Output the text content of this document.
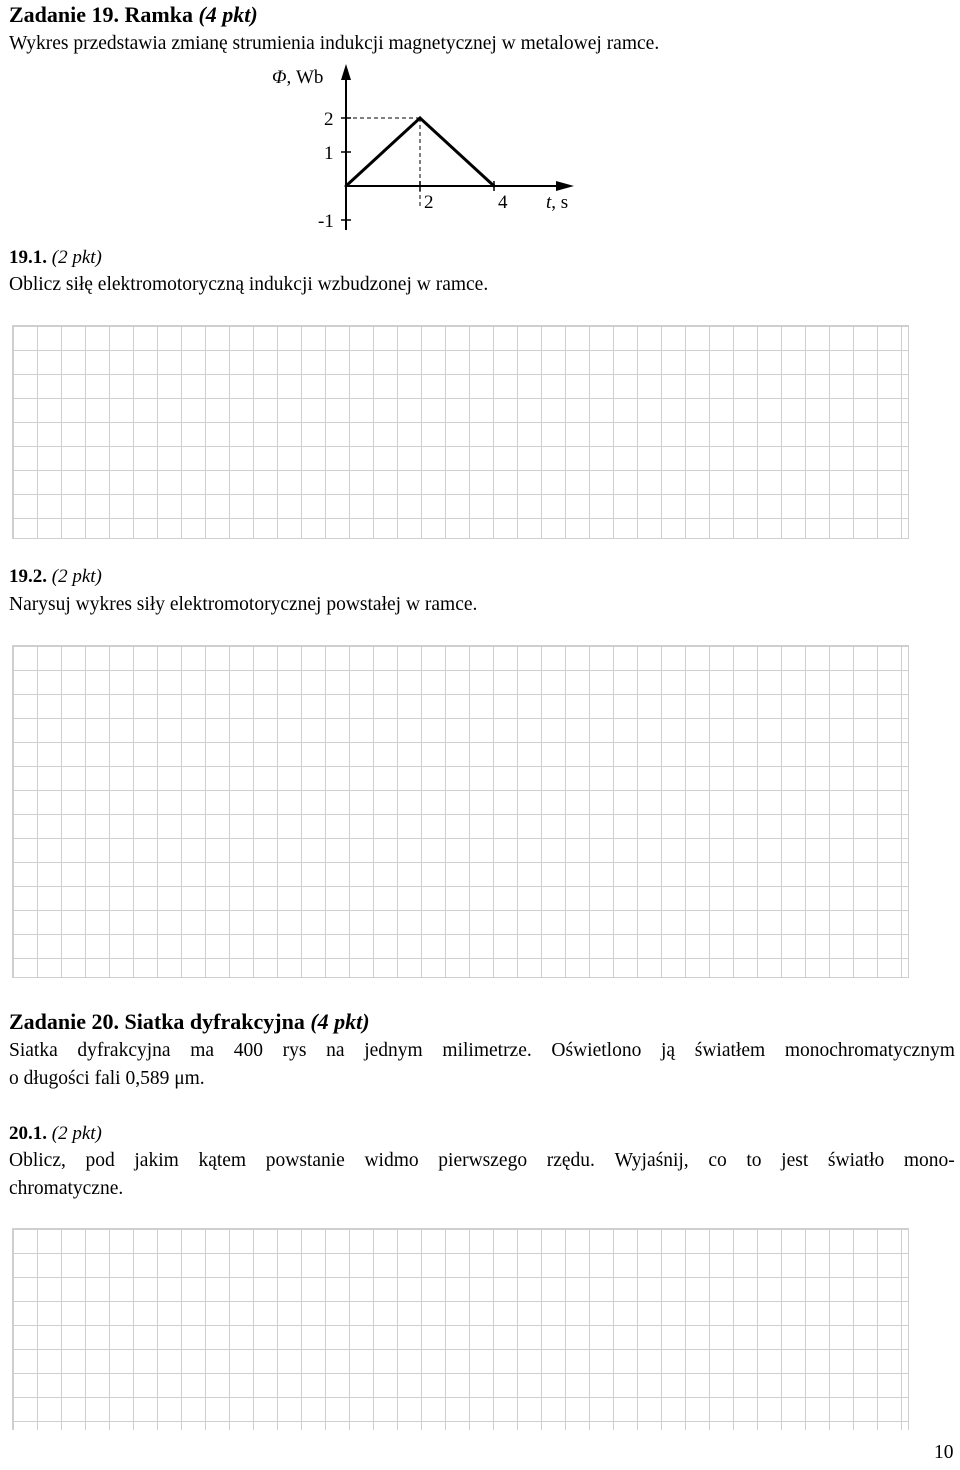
Zadanie 19. Ramka (4 pkt)
Wykres przedstawia zmianę strumienia indukcji magnetycznej w metalowej ramce.
Φ, Wb
t, s
2
1
-1
2	4
19.1. (2 pkt)
Oblicz siłę elektromotoryczną indukcji wzbudzonej w ramce.
19.2. (2 pkt)
Narysuj wykres siły elektromotorycznej powstałej w ramce.
Zadanie 20. Siatka dyfrakcyjna (4 pkt)
Siatka dyfrakcyjna ma 400 rys na jednym milimetrze. Oświetlono ją światłem monochromatycznym
o długości fali 0,589 μm.
20.1. (2 pkt)
Oblicz, pod jakim kątem powstanie widmo pierwszego rzędu. Wyjaśnij, co to jest światło mono-
chromatyczne.
10
